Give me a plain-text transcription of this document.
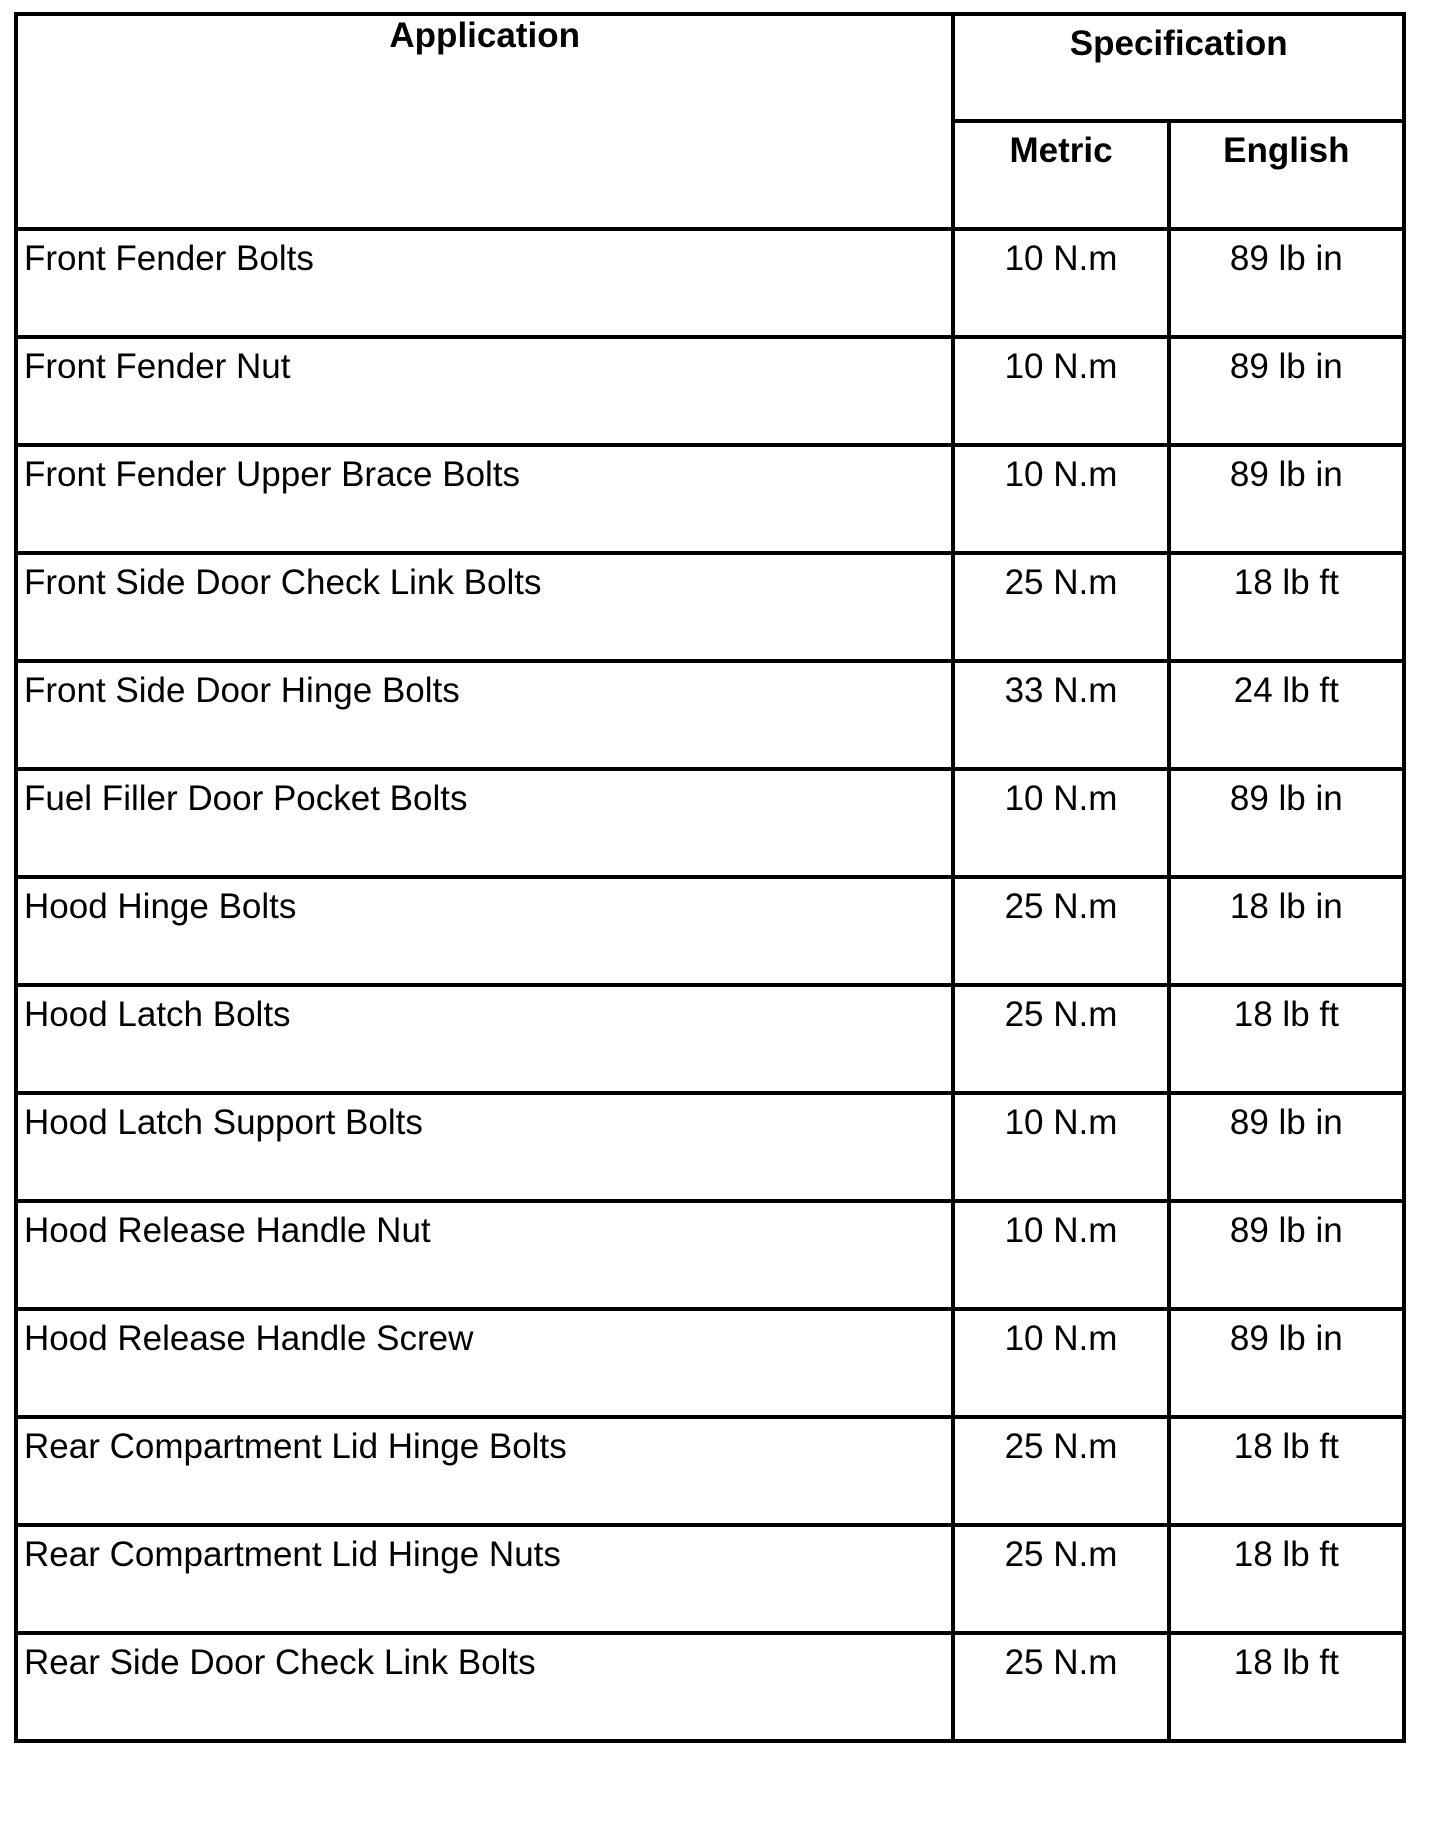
Application	Specification	
	Metric	English
Front Fender Bolts	10 N.m	89 lb in
Front Fender Nut	10 N.m	89 lb in
Front Fender Upper Brace Bolts	10 N.m	89 lb in
Front Side Door Check Link Bolts	25 N.m	18 lb ft
Front Side Door Hinge Bolts	33 N.m	24 lb ft
Fuel Filler Door Pocket Bolts	10 N.m	89 lb in
Hood Hinge Bolts	25 N.m	18 lb in
Hood Latch Bolts	25 N.m	18 lb ft
Hood Latch Support Bolts	10 N.m	89 lb in
Hood Release Handle Nut	10 N.m	89 lb in
Hood Release Handle Screw	10 N.m	89 lb in
Rear Compartment Lid Hinge Bolts	25 N.m	18 lb ft
Rear Compartment Lid Hinge Nuts	25 N.m	18 lb ft
Rear Side Door Check Link Bolts	25 N.m	18 lb ft
